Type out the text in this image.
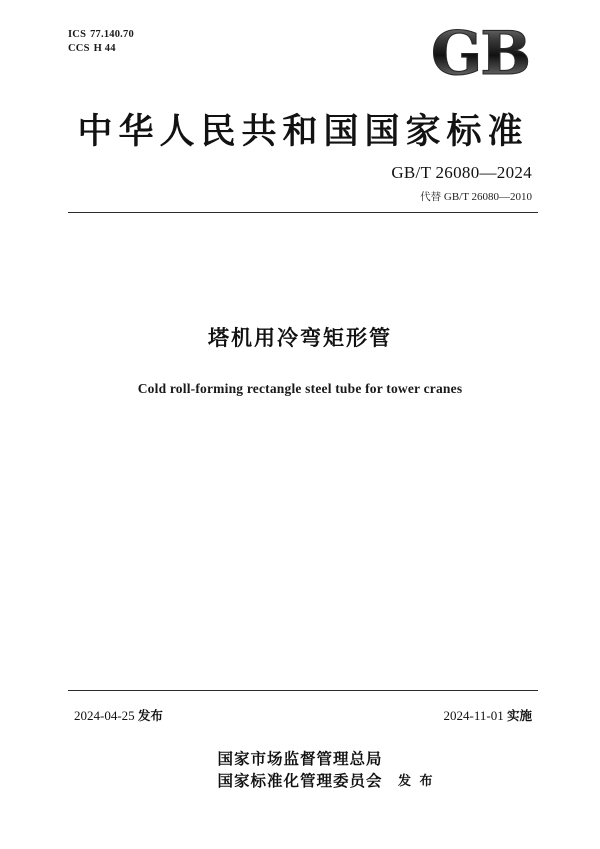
ICS 77.140.70
CCS H 44	GB
中华人民共和国国家标准
GB/T 26080—2024
代替 GB/T 26080—2010
塔机用冷弯矩形管
Cold roll-forming rectangle steel tube for tower cranes
2024-04-25 发布	2024-11-01 实施
国家市场监督管理总局
国家标准化管理委员会 发 布
